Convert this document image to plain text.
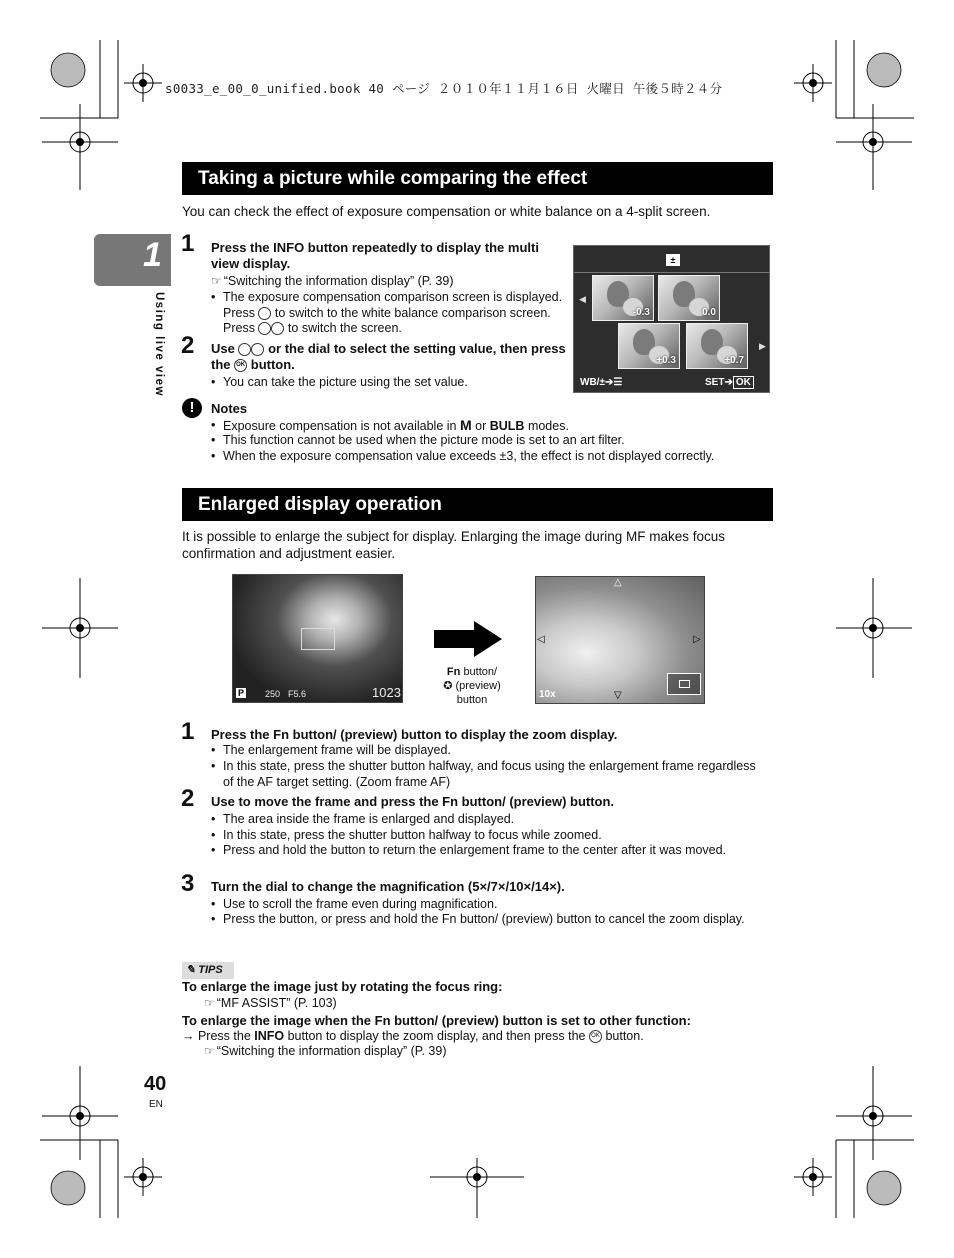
s0033_e_00_0_unified.book 40 ページ ２０１０年１１月１６日 火曜日 午後５時２４分
1
Using live view
Taking a picture while comparing the effect
You can check the effect of exposure compensation or white balance on a 4-split screen.
1 Press the INFO button repeatedly to display the multi view display.
☞ “Switching the information display” (P. 39)
• The exposure compensation comparison screen is displayed. Press to switch to the white balance comparison screen. Press	to switch the screen.
2 Use	or the dial to select the setting value, then press the OK button.
• You can take the picture using the set value.
±
◀
▶
-0.3	0.0
+0.3	+0.7
WB/±➔☰	SET➔ OK
!	Notes
• Exposure compensation is not available in M or BULB modes.
• This function cannot be used when the picture mode is set to an art filter.
• When the exposure compensation value exceeds ±3, the effect is not displayed correctly.
Enlarged display operation
It is possible to enlarge the subject for display. Enlarging the image during MF makes focus confirmation and adjustment easier.
P 250 F5.6	1023
Fn button/
✪ (preview)
button
△
▽
◁	▷
10x
1 Press the Fn button/ (preview) button to display the zoom display.
• The enlargement frame will be displayed.
• In this state, press the shutter button halfway, and focus using the enlargement frame regardless of the AF target setting. (Zoom frame AF)
2 Use to move the frame and press the Fn button/ (preview) button.
• The area inside the frame is enlarged and displayed.
• In this state, press the shutter button halfway to focus while zoomed.
• Press and hold the button to return the enlargement frame to the center after it was moved.
3 Turn the dial to change the magnification (5×/7×/10×/14×).
• Use to scroll the frame even during magnification.
• Press the button, or press and hold the Fn button/ (preview) button to cancel the zoom display.
✎ TIPS
To enlarge the image just by rotating the focus ring:
☞ “MF ASSIST” (P. 103)
To enlarge the image when the Fn button/ (preview) button is set to other function:
→ Press the INFO button to display the zoom display, and then press the OK button.
☞ “Switching the information display” (P. 39)
40
EN
